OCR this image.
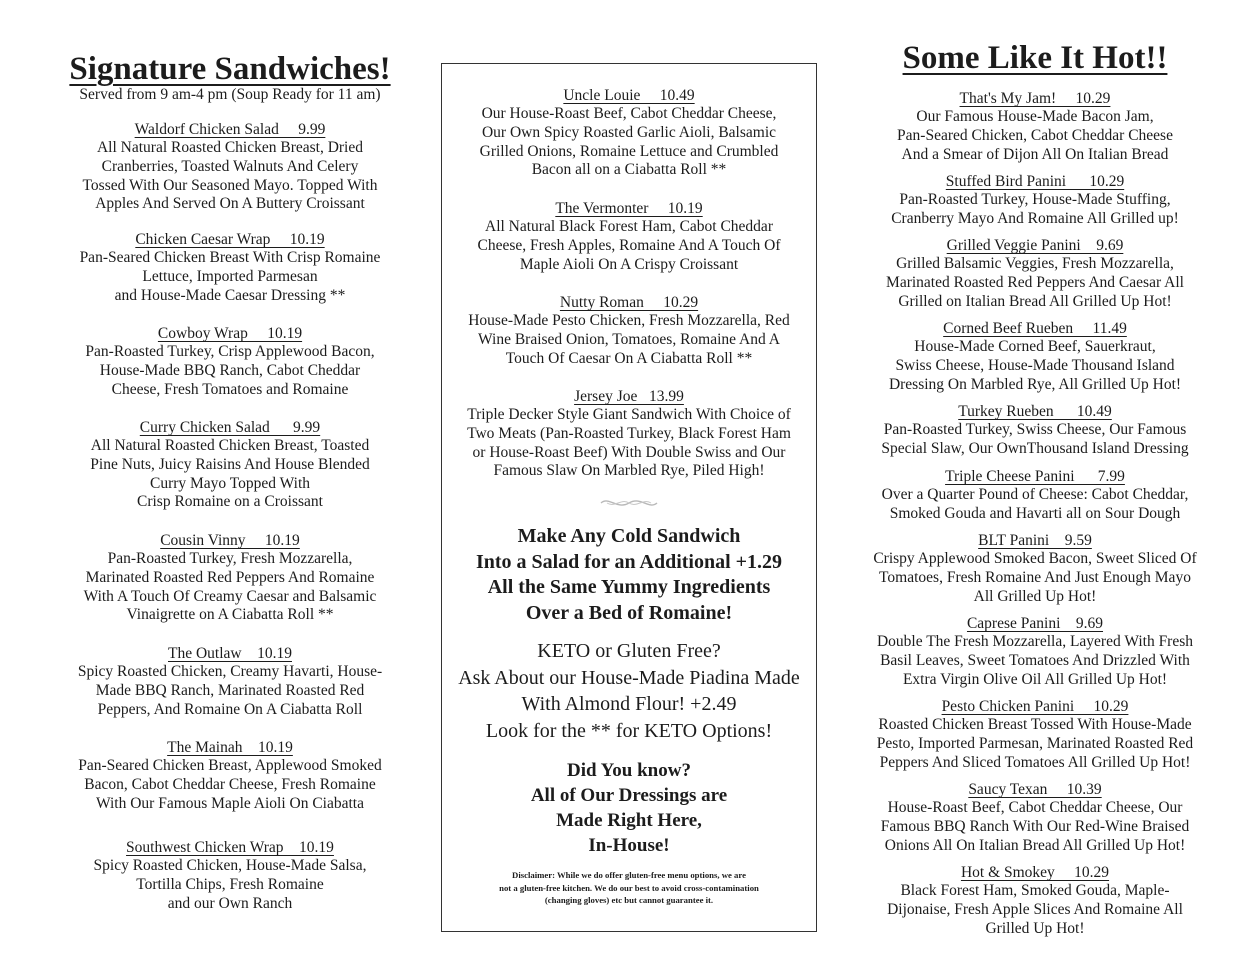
Signature Sandwiches!
Served from 9 am-4 pm (Soup Ready for 11 am)
Waldorf Chicken Salad     9.99
All Natural Roasted Chicken Breast, Dried
Cranberries, Toasted Walnuts And Celery
Tossed With Our Seasoned Mayo. Topped With
Apples And Served On A Buttery Croissant
Chicken Caesar Wrap     10.19
Pan-Seared Chicken Breast With Crisp Romaine
Lettuce, Imported Parmesan
and House-Made Caesar Dressing **
Cowboy Wrap     10.19
Pan-Roasted Turkey, Crisp Applewood Bacon,
House-Made BBQ Ranch, Cabot Cheddar
Cheese, Fresh Tomatoes and Romaine
Curry Chicken Salad      9.99
All Natural Roasted Chicken Breast, Toasted
Pine Nuts, Juicy Raisins And House Blended
Curry Mayo Topped With
Crisp Romaine on a Croissant
Cousin Vinny     10.19
Pan-Roasted Turkey, Fresh Mozzarella,
Marinated Roasted Red Peppers And Romaine
With A Touch Of Creamy Caesar and Balsamic
Vinaigrette on A Ciabatta Roll **
The Outlaw    10.19
Spicy Roasted Chicken, Creamy Havarti, House-
Made BBQ Ranch, Marinated Roasted Red
Peppers, And Romaine On A Ciabatta Roll
The Mainah    10.19
Pan-Seared Chicken Breast, Applewood Smoked
Bacon, Cabot Cheddar Cheese, Fresh Romaine
With Our Famous Maple Aioli On Ciabatta
Southwest Chicken Wrap    10.19
Spicy Roasted Chicken, House-Made Salsa,
Tortilla Chips, Fresh Romaine
and our Own Ranch
Uncle Louie     10.49
Our House-Roast Beef, Cabot Cheddar Cheese,
Our Own Spicy Roasted Garlic Aioli, Balsamic
Grilled Onions, Romaine Lettuce and Crumbled
Bacon all on a Ciabatta Roll **
The Vermonter     10.19
All Natural Black Forest Ham, Cabot Cheddar
Cheese, Fresh Apples, Romaine And A Touch Of
Maple Aioli On A Crispy Croissant
Nutty Roman     10.29
House-Made Pesto Chicken, Fresh Mozzarella, Red
Wine Braised Onion, Tomatoes, Romaine And A
Touch Of Caesar On A Ciabatta Roll **
Jersey Joe   13.99
Triple Decker Style Giant Sandwich With Choice of
Two Meats (Pan-Roasted Turkey, Black Forest Ham
or House-Roast Beef) With Double Swiss and Our
Famous Slaw On Marbled Rye, Piled High!
Make Any Cold Sandwich
Into a Salad for an Additional +1.29
All the Same Yummy Ingredients
Over a Bed of Romaine!
KETO or Gluten Free?
Ask About our House-Made Piadina Made
With Almond Flour! +2.49
Look for the ** for KETO Options!
Did You know?
All of Our Dressings are
Made Right Here,
In-House!
Disclaimer: While we do offer gluten-free menu options, we are
not a gluten-free kitchen. We do our best to avoid cross-contamination
(changing gloves) etc but cannot guarantee it.
Some Like It Hot!!
That's My Jam!     10.29
Our Famous House-Made Bacon Jam,
Pan-Seared Chicken, Cabot Cheddar Cheese
And a Smear of Dijon All On Italian Bread
Stuffed Bird Panini      10.29
Pan-Roasted Turkey, House-Made Stuffing,
Cranberry Mayo And Romaine All Grilled up!
Grilled Veggie Panini    9.69
Grilled Balsamic Veggies, Fresh Mozzarella,
Marinated Roasted Red Peppers And Caesar All
Grilled on Italian Bread All Grilled Up Hot!
Corned Beef Rueben     11.49
House-Made Corned Beef, Sauerkraut,
Swiss Cheese, House-Made Thousand Island
Dressing On Marbled Rye, All Grilled Up Hot!
Turkey Rueben      10.49
Pan-Roasted Turkey, Swiss Cheese, Our Famous
Special Slaw, Our OwnThousand Island Dressing
Triple Cheese Panini      7.99
Over a Quarter Pound of Cheese: Cabot Cheddar,
Smoked Gouda and Havarti all on Sour Dough
BLT Panini    9.59
Crispy Applewood Smoked Bacon, Sweet Sliced Of
Tomatoes, Fresh Romaine And Just Enough Mayo
All Grilled Up Hot!
Caprese Panini    9.69
Double The Fresh Mozzarella, Layered With Fresh
Basil Leaves, Sweet Tomatoes And Drizzled With
Extra Virgin Olive Oil All Grilled Up Hot!
Pesto Chicken Panini     10.29
Roasted Chicken Breast Tossed With House-Made
Pesto, Imported Parmesan, Marinated Roasted Red
Peppers And Sliced Tomatoes All Grilled Up Hot!
Saucy Texan     10.39
House-Roast Beef, Cabot Cheddar Cheese, Our
Famous BBQ Ranch With Our Red-Wine Braised
Onions All On Italian Bread All Grilled Up Hot!
Hot & Smokey     10.29
Black Forest Ham, Smoked Gouda, Maple-
Dijonaise, Fresh Apple Slices And Romaine All
Grilled Up Hot!
